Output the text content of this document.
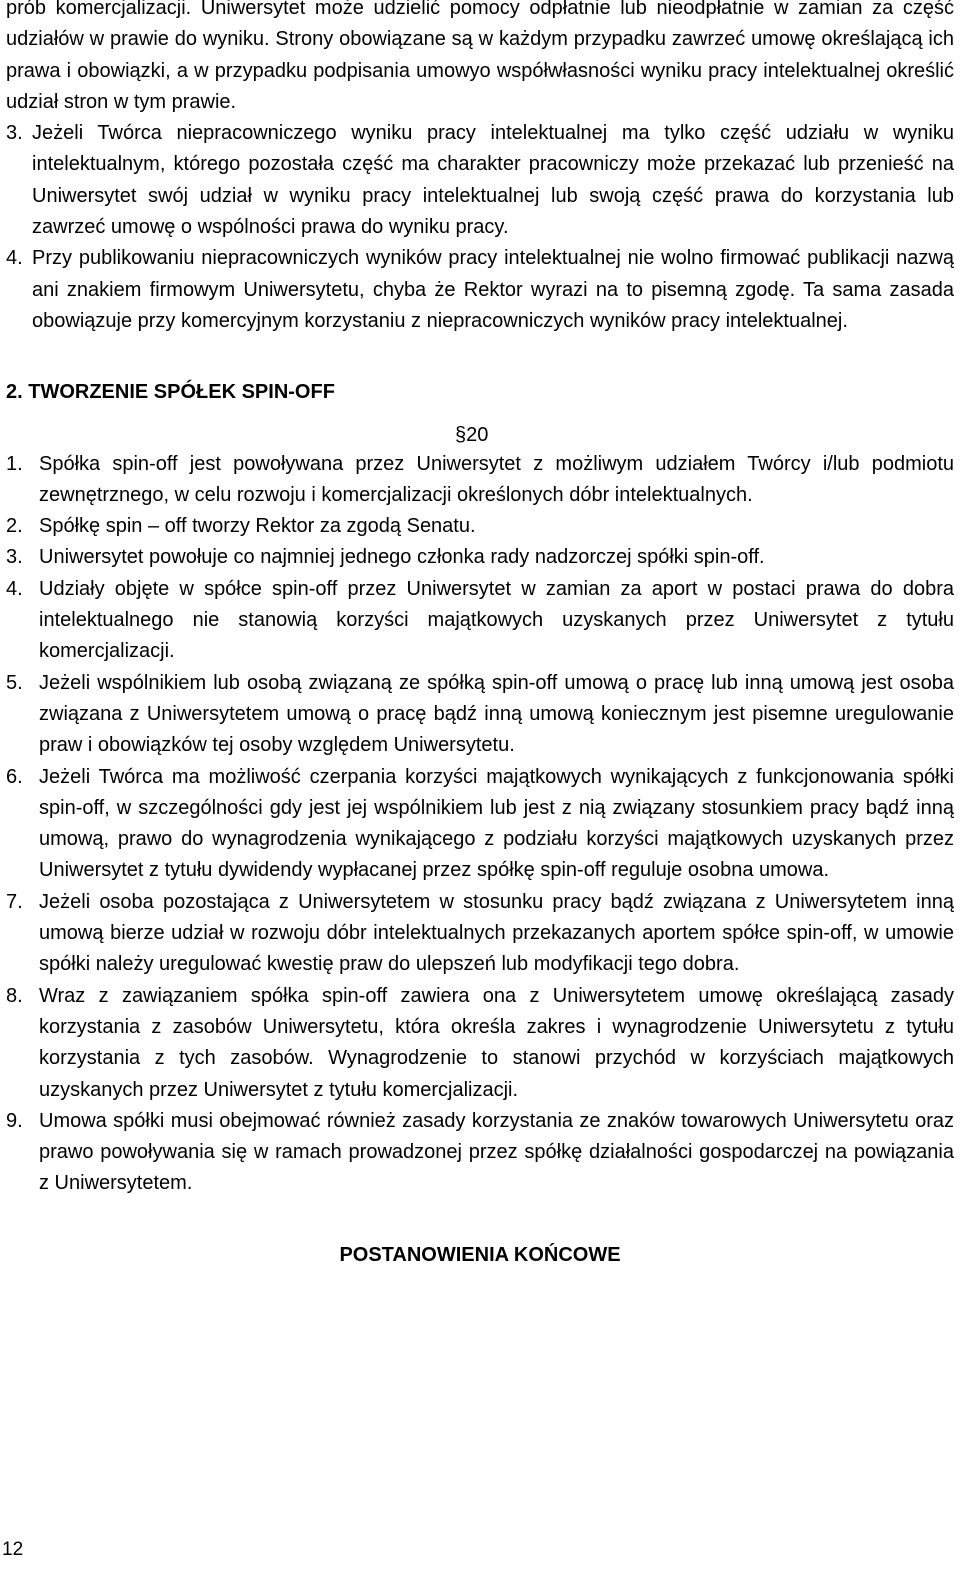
prób komercjalizacji. Uniwersytet może udzielić pomocy odpłatnie lub nieodpłatnie w zamian za część udziałów w prawie do wyniku. Strony obowiązane są w każdym przypadku zawrzeć umowę określającą ich prawa i obowiązki, a w przypadku podpisania umowyo współwłasności wyniku pracy intelektualnej określić udział stron w tym prawie.

3. Jeżeli Twórca niepracowniczego wyniku pracy intelektualnej ma tylko część udziału w wyniku intelektualnym, którego pozostała część ma charakter pracowniczy może przekazać lub przenieść na Uniwersytet swój udział w wyniku pracy intelektualnej lub swoją część prawa do korzystania lub zawrzeć umowę o wspólności prawa do wyniku pracy.
4. Przy publikowaniu niepracowniczych wyników pracy intelektualnej nie wolno firmować publikacji nazwą ani znakiem firmowym Uniwersytetu, chyba że Rektor wyrazi na to pisemną zgodę. Ta sama zasada obowiązuje przy komercyjnym korzystaniu z niepracowniczych wyników pracy intelektualnej.

2. TWORZENIE SPÓŁEK SPIN-OFF

§20
1. Spółka spin-off jest powoływana przez Uniwersytet z możliwym udziałem Twórcy i/lub podmiotu zewnętrznego, w celu rozwoju i komercjalizacji określonych dóbr intelektualnych.
2. Spółkę spin – off tworzy Rektor za zgodą Senatu.
3. Uniwersytet powołuje co najmniej jednego członka rady nadzorczej spółki spin-off.
4. Udziały objęte w spółce spin-off przez Uniwersytet w zamian za aport w postaci prawa do dobra intelektualnego nie stanowią korzyści majątkowych uzyskanych przez Uniwersytet z tytułu komercjalizacji.
5. Jeżeli wspólnikiem lub osobą związaną ze spółką spin-off umową o pracę lub inną umową jest osoba związana z Uniwersytetem umową o pracę bądź inną umową koniecznym jest pisemne uregulowanie praw i obowiązków tej osoby względem Uniwersytetu.
6. Jeżeli Twórca ma możliwość czerpania korzyści majątkowych wynikających z funkcjonowania spółki spin-off, w szczególności gdy jest jej wspólnikiem lub jest z nią związany stosunkiem pracy bądź inną umową, prawo do wynagrodzenia wynikającego z podziału korzyści majątkowych uzyskanych przez Uniwersytet z tytułu dywidendy wypłacanej przez spółkę spin-off reguluje osobna umowa.
7. Jeżeli osoba pozostająca z Uniwersytetem w stosunku pracy bądź związana z Uniwersytetem inną umową bierze udział w rozwoju dóbr intelektualnych przekazanych aportem spółce spin-off, w umowie spółki należy uregulować kwestię praw do ulepszeń lub modyfikacji tego dobra.
8. Wraz z zawiązaniem spółka spin-off zawiera ona z Uniwersytetem umowę określającą zasady korzystania z zasobów Uniwersytetu, która określa zakres i wynagrodzenie Uniwersytetu z tytułu korzystania z tych zasobów. Wynagrodzenie to stanowi przychód w korzyściach majątkowych uzyskanych przez Uniwersytet z tytułu komercjalizacji.
9. Umowa spółki musi obejmować również zasady korzystania ze znaków towarowych Uniwersytetu oraz prawo powoływania się w ramach prowadzonej przez spółkę działalności gospodarczej na powiązania z Uniwersytetem.

POSTANOWIENIA KOŃCOWE

12
